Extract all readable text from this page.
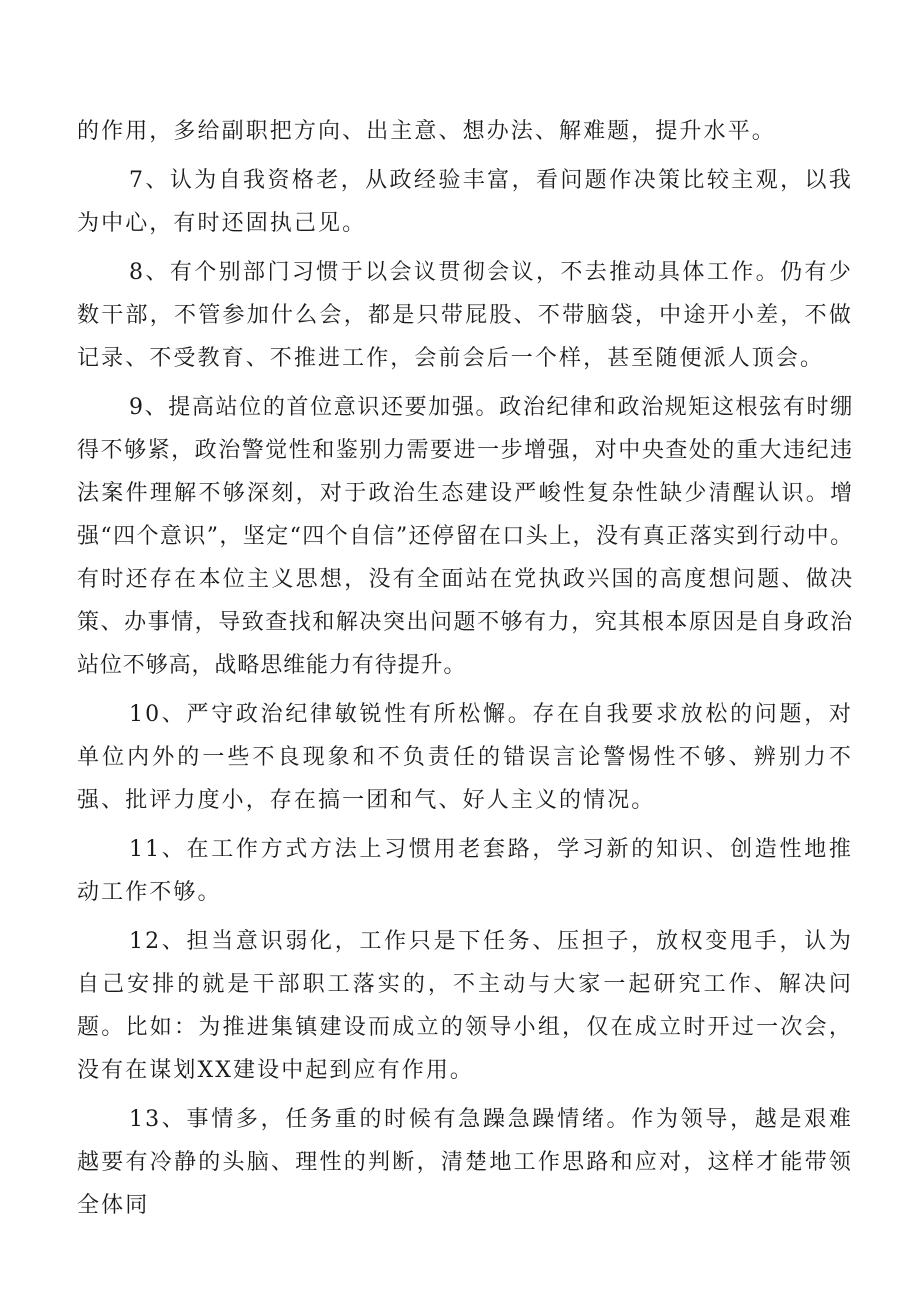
的作用，多给副职把方向、出主意、想办法、解难题，提升水平。

7、认为自我资格老，从政经验丰富，看问题作决策比较主观，以我为中心，有时还固执己见。

8、有个别部门习惯于以会议贯彻会议，不去推动具体工作。仍有少数干部，不管参加什么会，都是只带屁股、不带脑袋，中途开小差，不做记录、不受教育、不推进工作，会前会后一个样，甚至随便派人顶会。

9、提高站位的首位意识还要加强。政治纪律和政治规矩这根弦有时绷得不够紧，政治警觉性和鉴别力需要进一步增强，对中央查处的重大违纪违法案件理解不够深刻，对于政治生态建设严峻性复杂性缺少清醒认识。增强“四个意识”，坚定“四个自信”还停留在口头上，没有真正落实到行动中。有时还存在本位主义思想，没有全面站在党执政兴国的高度想问题、做决策、办事情，导致查找和解决突出问题不够有力，究其根本原因是自身政治站位不够高，战略思维能力有待提升。

10、严守政治纪律敏锐性有所松懈。存在自我要求放松的问题，对单位内外的一些不良现象和不负责任的错误言论警惕性不够、辨别力不强、批评力度小，存在搞一团和气、好人主义的情况。

11、在工作方式方法上习惯用老套路，学习新的知识、创造性地推动工作不够。

12、担当意识弱化，工作只是下任务、压担子，放权变甩手，认为自己安排的就是干部职工落实的，不主动与大家一起研究工作、解决问题。比如：为推进集镇建设而成立的领导小组，仅在成立时开过一次会，没有在谋划XX建设中起到应有作用。

13、事情多，任务重的时候有急躁急躁情绪。作为领导，越是艰难越要有冷静的头脑、理性的判断，清楚地工作思路和应对，这样才能带领全体同
